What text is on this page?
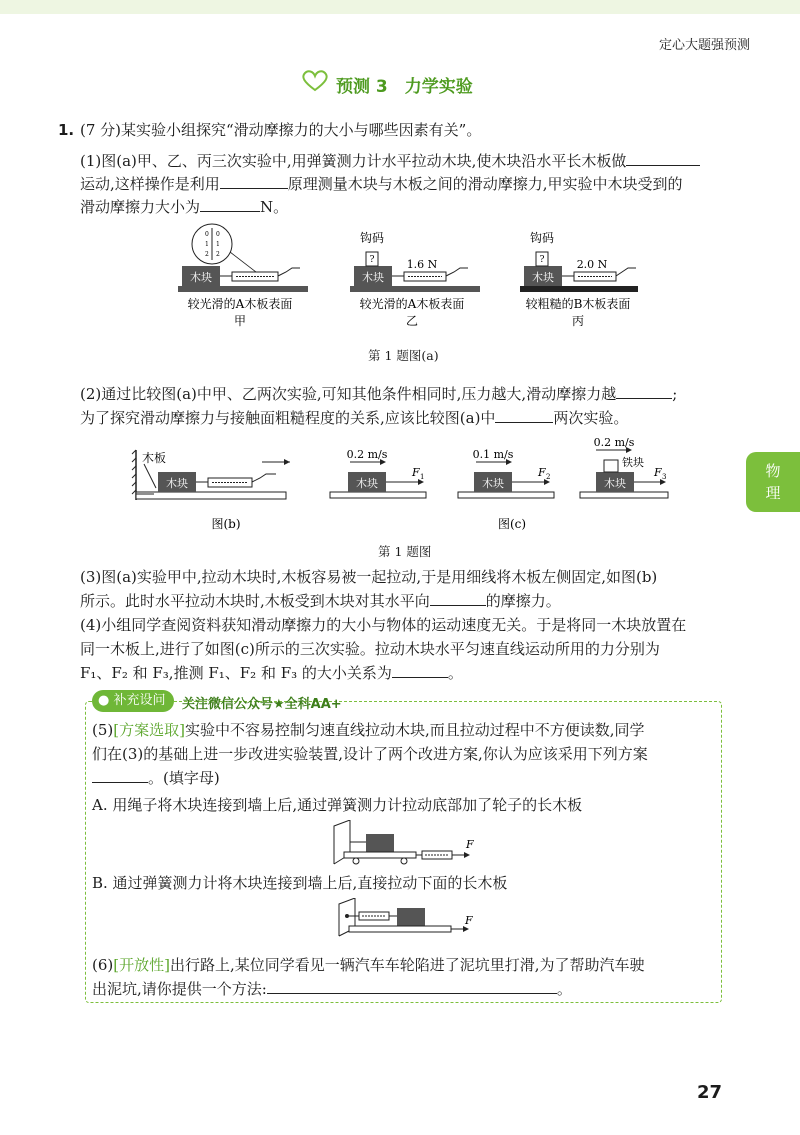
定心大题强预测
预测 3　力学实验
1. (7 分)某实验小组探究“滑动摩擦力的大小与哪些因素有关”。
(1)图(a)甲、乙、丙三次实验中,用弹簧测力计水平拉动木块,使木块沿水平长木板做
运动,这样操作是利用	原理测量木块与木板之间的滑动摩擦力,甲实验中木块受到的
滑动摩擦力大小为	N。
木块
0
1
2
0
1
2
木块
?
钩码
1.6 N
木块
?
钩码
2.0 N
较光滑的A木板表面
甲
较光滑的A木板表面
乙
较粗糙的B木板表面
丙
第 1 题图(a)
(2)通过比较图(a)中甲、乙两次实验,可知其他条件相同时,压力越大,滑动摩擦力越	;
为了探究滑动摩擦力与接触面粗糙程度的关系,应该比较图(a)中	两次实验。
木板
木块	木块
0.2 m/s
F 1	木块
0.1 m/s
F 2	木块
铁块
0.2 m/s
F 3
图(b)	图(c)
第 1 题图
(3)图(a)实验甲中,拉动木块时,木板容易被一起拉动,于是用细线将木板左侧固定,如图(b)
所示。此时水平拉动木块时,木板受到木块对其水平向	的摩擦力。
(4)小组同学查阅资料获知滑动摩擦力的大小与物体的运动速度无关。于是将同一木块放置在
同一木板上,进行了如图(c)所示的三次实验。拉动木块水平匀速直线运动所用的力分别为
F₁、F₂ 和 F₃,推测 F₁、F₂ 和 F₃ 的大小关系为	。
● 补充设问	关注微信公众号★全科AA+
(5)[方案选取]实验中不容易控制匀速直线拉动木块,而且拉动过程中不方便读数,同学
们在(3)的基础上进一步改进实验装置,设计了两个改进方案,你认为应该采用下列方案
。(填字母)
A. 用绳子将木块连接到墙上后,通过弹簧测力计拉动底部加了轮子的长木板
F
B. 通过弹簧测力计将木块连接到墙上后,直接拉动下面的长木板
F
(6)[开放性]出行路上,某位同学看见一辆汽车车轮陷进了泥坑里打滑,为了帮助汽车驶
出泥坑,请你提供一个方法:	。
物
理
27
